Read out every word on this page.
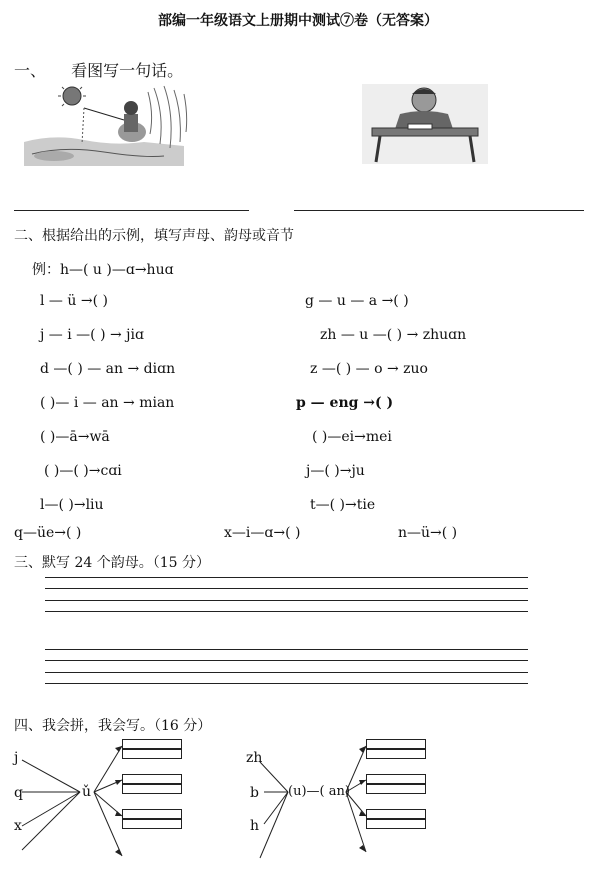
部编一年级语文上册期中测试⑦卷（无答案）
一、 看图写一句话。
二、根据给出的示例，填写声母、韵母或音节
例：h—( u )—ɑ→huɑ
l — ü →( )	g — u — a →( )
j — i —( ) → jiɑ	zh — u —( ) → zhuɑn
d —( ) — an → diɑn	z —( ) — o → zuo
( )— i — an → mian	p — eng →( )
( )—ā→wā	( )—ei→mei
( )—( )→cɑi	j—( )→ju
l—( )→liu	t—( )→tie
q—üe→( )	x—i—ɑ→( )	n—ü→( )
三、默写 24 个韵母。（15 分）
四、我会拼，我会写。（16 分）
j
q
x
ǔ
zh
b
h
(u)—( an)
